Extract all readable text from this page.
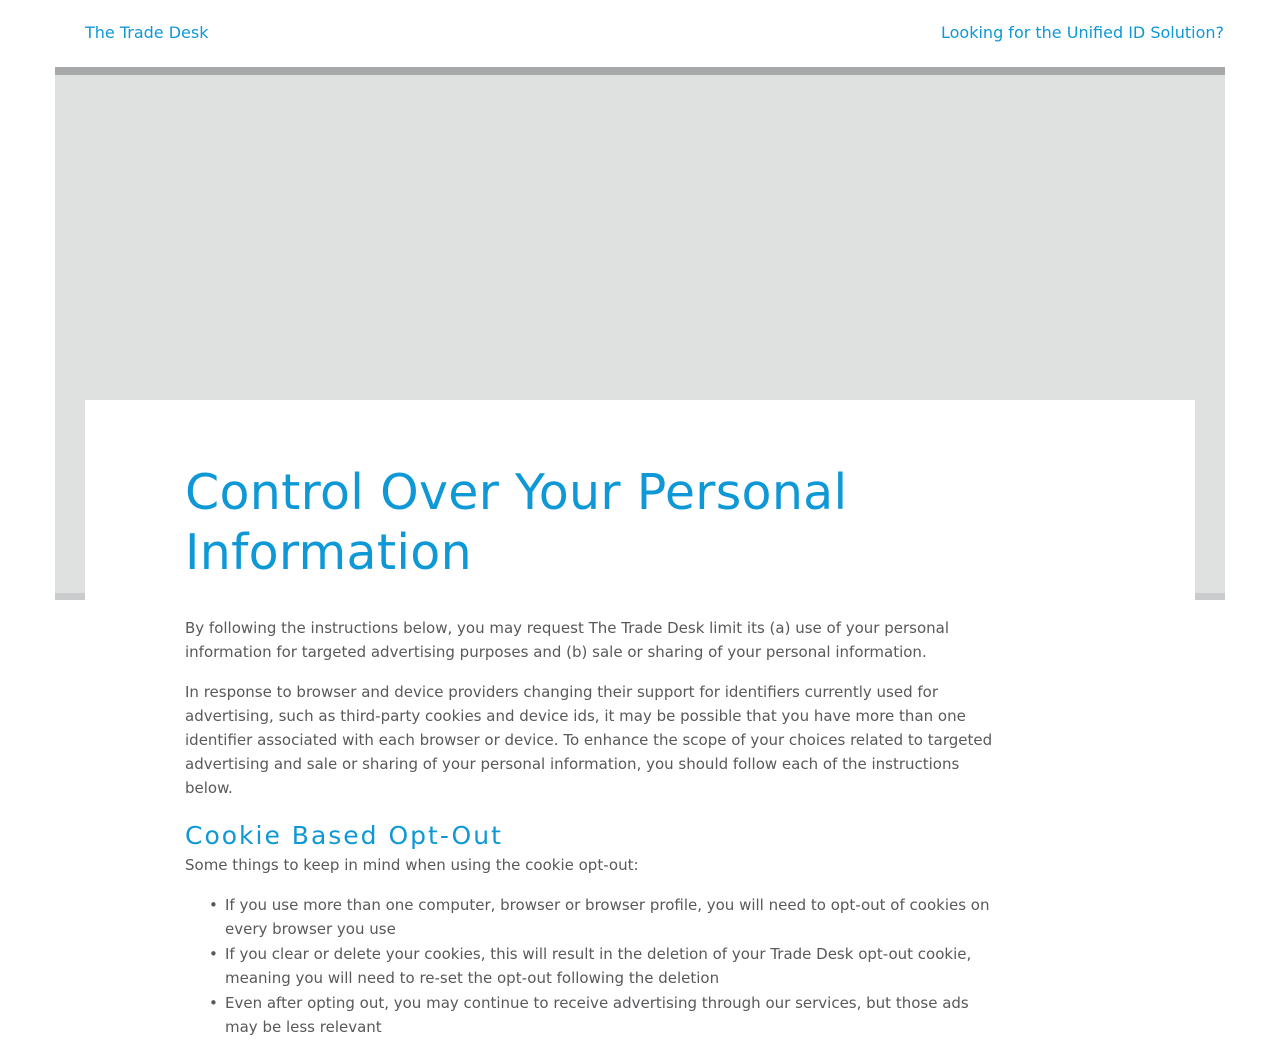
The Trade Desk	Looking for the Unified ID Solution?
Control Over Your Personal Information

By following the instructions below, you may request The Trade Desk limit its (a) use of your personal information for targeted advertising purposes and (b) sale or sharing of your personal information.

In response to browser and device providers changing their support for identifiers currently used for advertising, such as third-party cookies and device ids, it may be possible that you have more than one identifier associated with each browser or device. To enhance the scope of your choices related to targeted advertising and sale or sharing of your personal information, you should follow each of the instructions below.

Cookie Based Opt-Out

Some things to keep in mind when using the cookie opt-out:

• If you use more than one computer, browser or browser profile, you will need to opt-out of cookies on every browser you use
• If you clear or delete your cookies, this will result in the deletion of your Trade Desk opt-out cookie, meaning you will need to re-set the opt-out following the deletion
• Even after opting out, you may continue to receive advertising through our services, but those ads may be less relevant
